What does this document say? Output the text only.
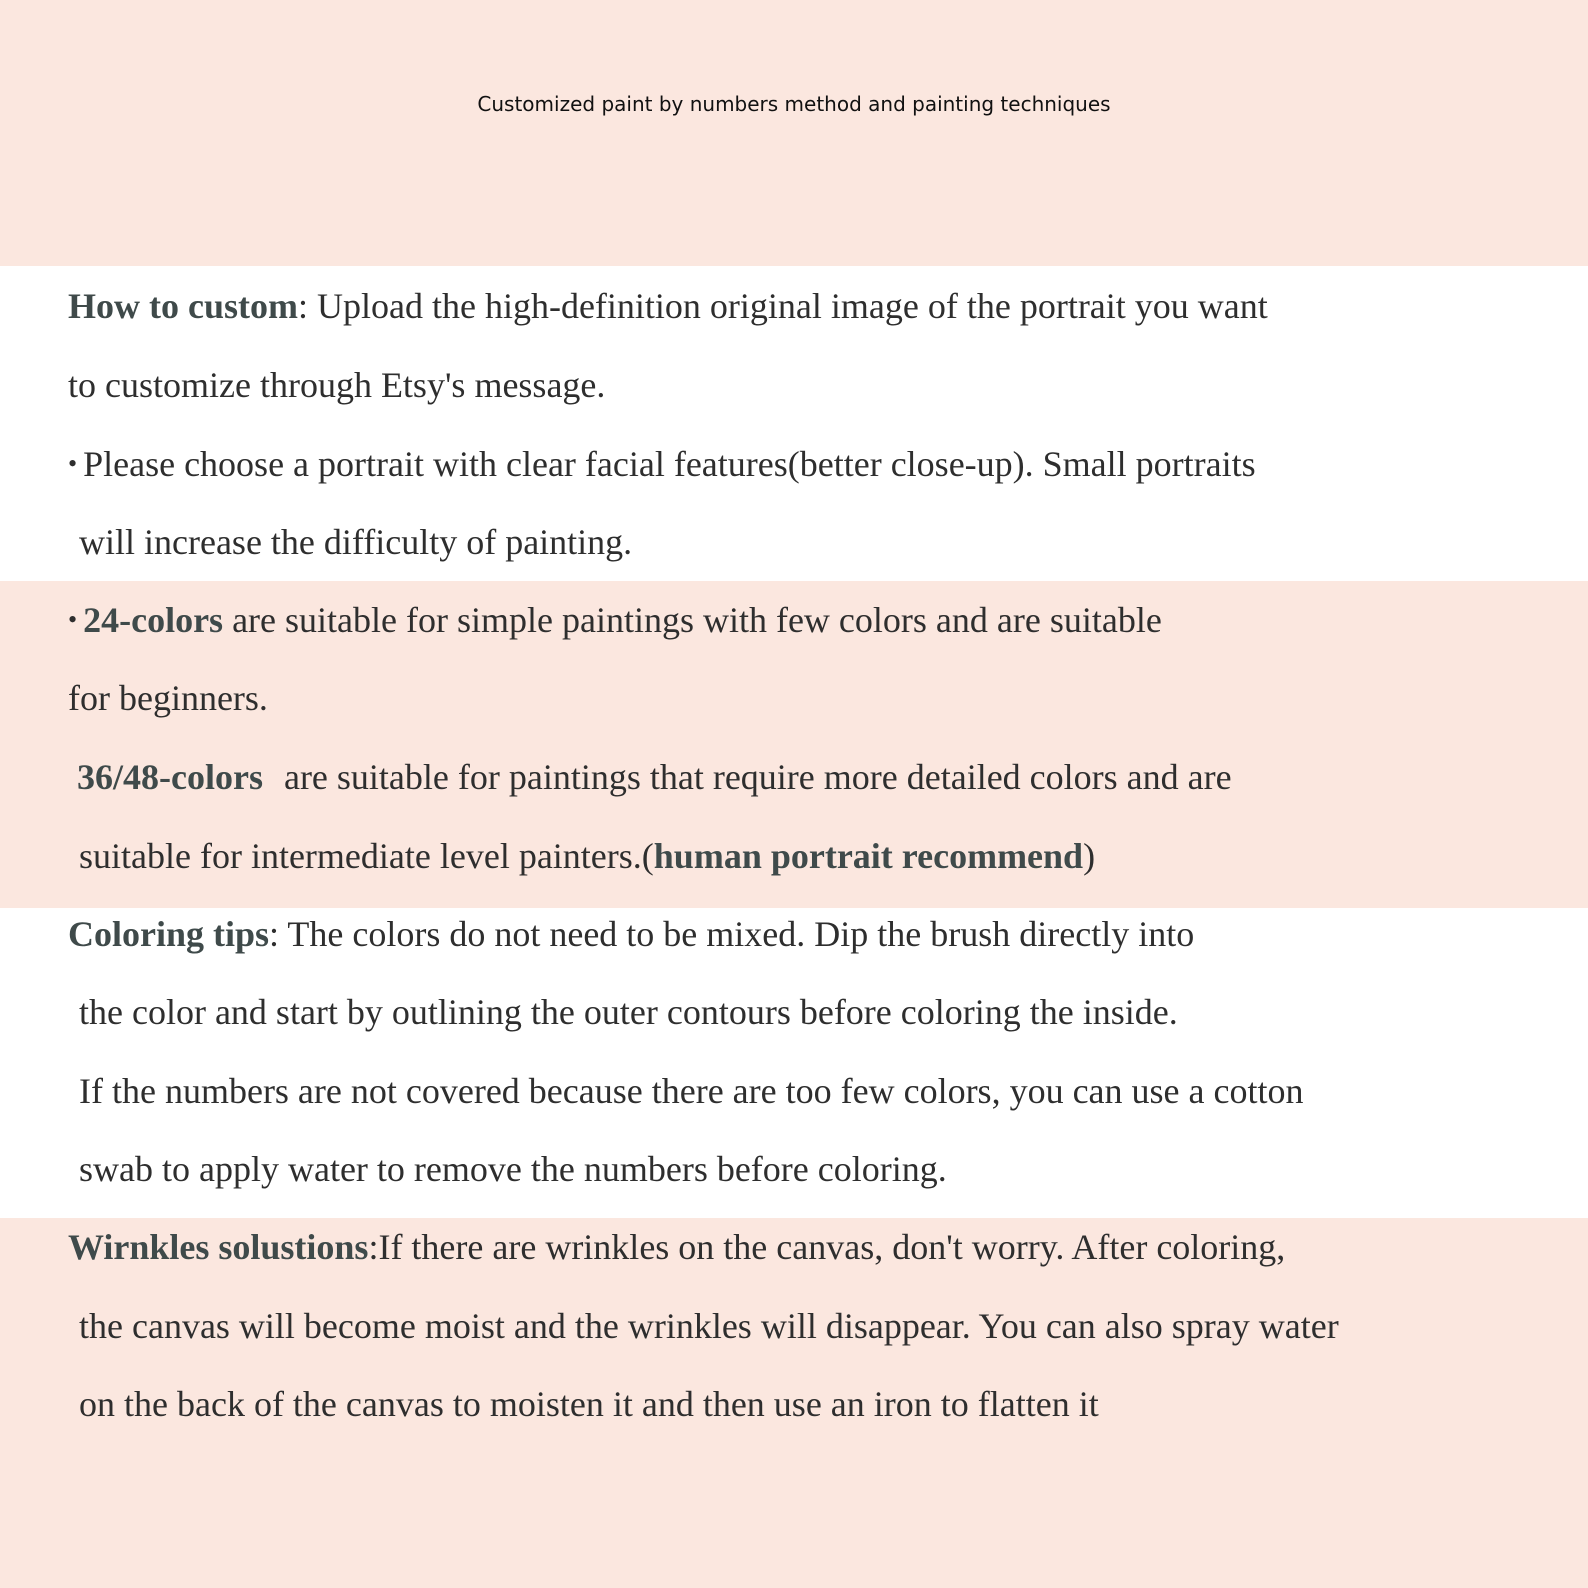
Customized paint by numbers method and painting techniques
How to custom: Upload the high-definition original image of the portrait you want
to customize through Etsy's message.
• Please choose a portrait with clear facial features(better close-up). Small portraits
will increase the difficulty of painting.
• 24-colors are suitable for simple paintings with few colors and are suitable
for beginners.
36/48-colors are suitable for paintings that require more detailed colors and are
suitable for intermediate level painters.(human portrait recommend)
Coloring tips: The colors do not need to be mixed. Dip the brush directly into
the color and start by outlining the outer contours before coloring the inside.
If the numbers are not covered because there are too few colors, you can use a cotton
swab to apply water to remove the numbers before coloring.
Wirnkles solustions:If there are wrinkles on the canvas, don't worry. After coloring,
the canvas will become moist and the wrinkles will disappear. You can also spray water
on the back of the canvas to moisten it and then use an iron to flatten it
